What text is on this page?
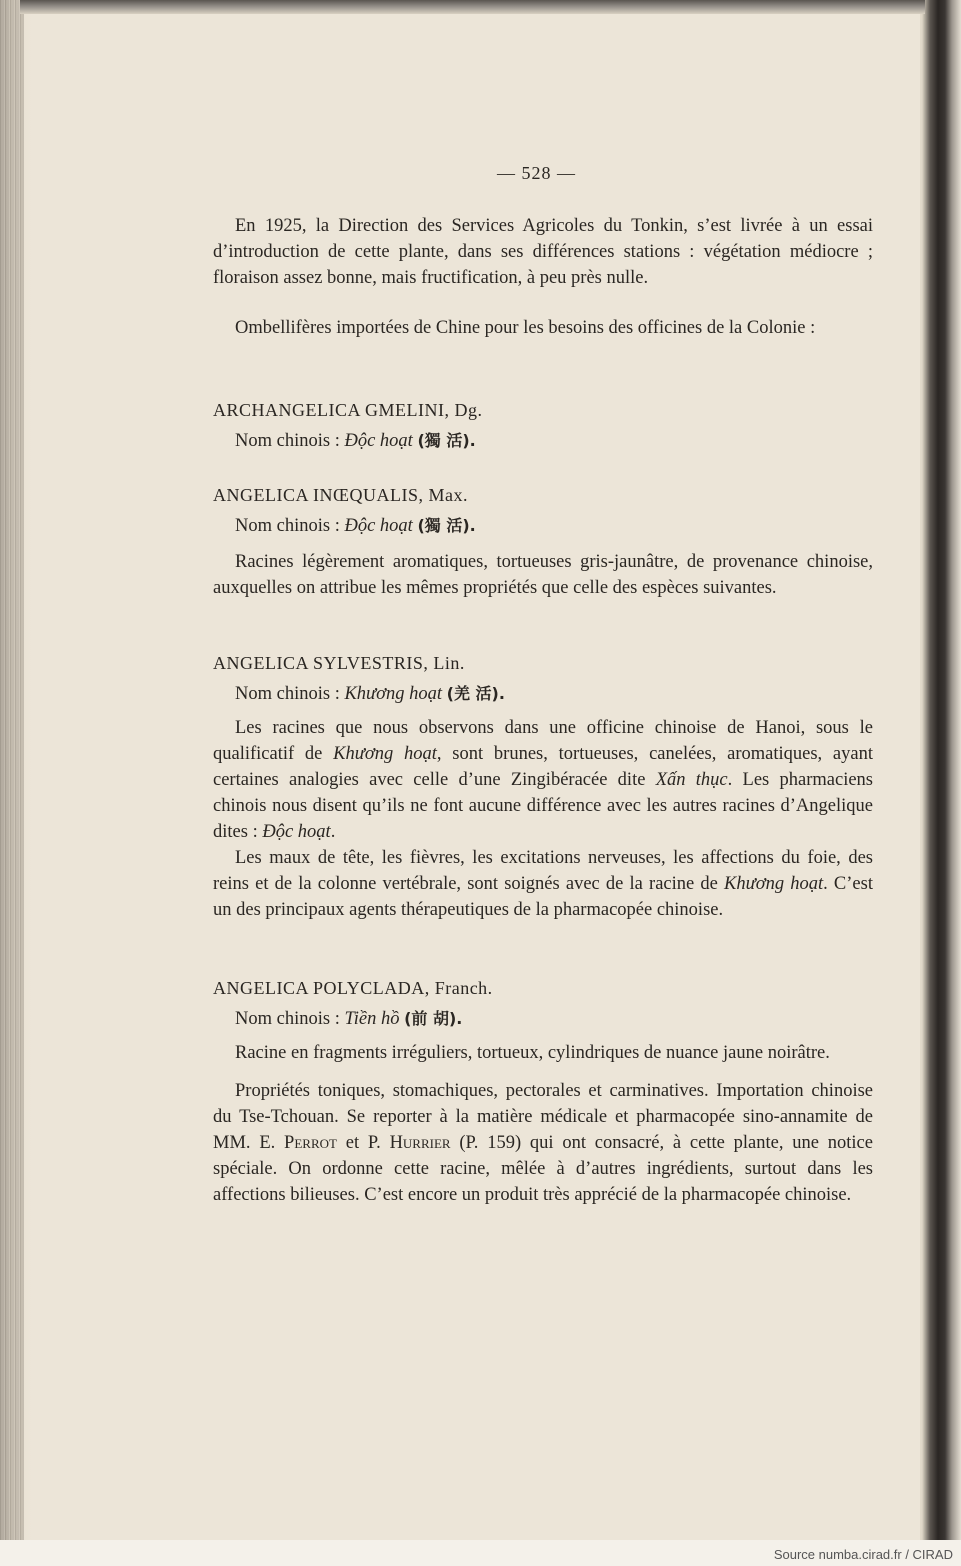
— 528 —

En 1925, la Direction des Services Agricoles du Tonkin, s’est livrée à un essai d’introduction de cette plante, dans ses différences stations : végétation médiocre ; floraison assez bonne, mais fructification, à peu près nulle.

Ombellifères importées de Chine pour les besoins des officines de la Colonie :

ARCHANGELICA GMELINI, Dg.

Nom chinois : Độc hoạt (獨 活).

ANGELICA INŒQUALIS, Max.

Nom chinois : Độc hoạt (獨 活).

Racines légèrement aromatiques, tortueuses gris-jaunâtre, de provenance chinoise, auxquelles on attribue les mêmes propriétés que celle des espèces suivantes.

ANGELICA SYLVESTRIS, Lin.

Nom chinois : Khương hoạt (羌 活).

Les racines que nous observons dans une officine chinoise de Hanoi, sous le qualificatif de Khương hoạt, sont brunes, tortueuses, canelées, aromatiques, ayant certaines analogies avec celle d’une Zingibéracée dite Xấn thục. Les pharmaciens chinois nous disent qu’ils ne font aucune différence avec les autres racines d’Angelique dites : Độc hoạt.

Les maux de tête, les fièvres, les excitations nerveuses, les affections du foie, des reins et de la colonne vertébrale, sont soignés avec de la racine de Khương hoạt. C’est un des principaux agents thérapeutiques de la pharmacopée chinoise.

ANGELICA POLYCLADA, Franch.

Nom chinois : Tiền hồ (前 胡).

Racine en fragments irréguliers, tortueux, cylindriques de nuance jaune noirâtre.

Propriétés toniques, stomachiques, pectorales et carminatives. Importation chinoise du Tse-Tchouan. Se reporter à la matière médicale et pharmacopée sino-annamite de MM. E. Perrot et P. Hurrier (P. 159) qui ont consacré, à cette plante, une notice spéciale. On ordonne cette racine, mêlée à d’autres ingrédients, surtout dans les affections bilieuses. C’est encore un produit très apprécié de la pharmacopée chinoise.

Source numba.cirad.fr / CIRAD
